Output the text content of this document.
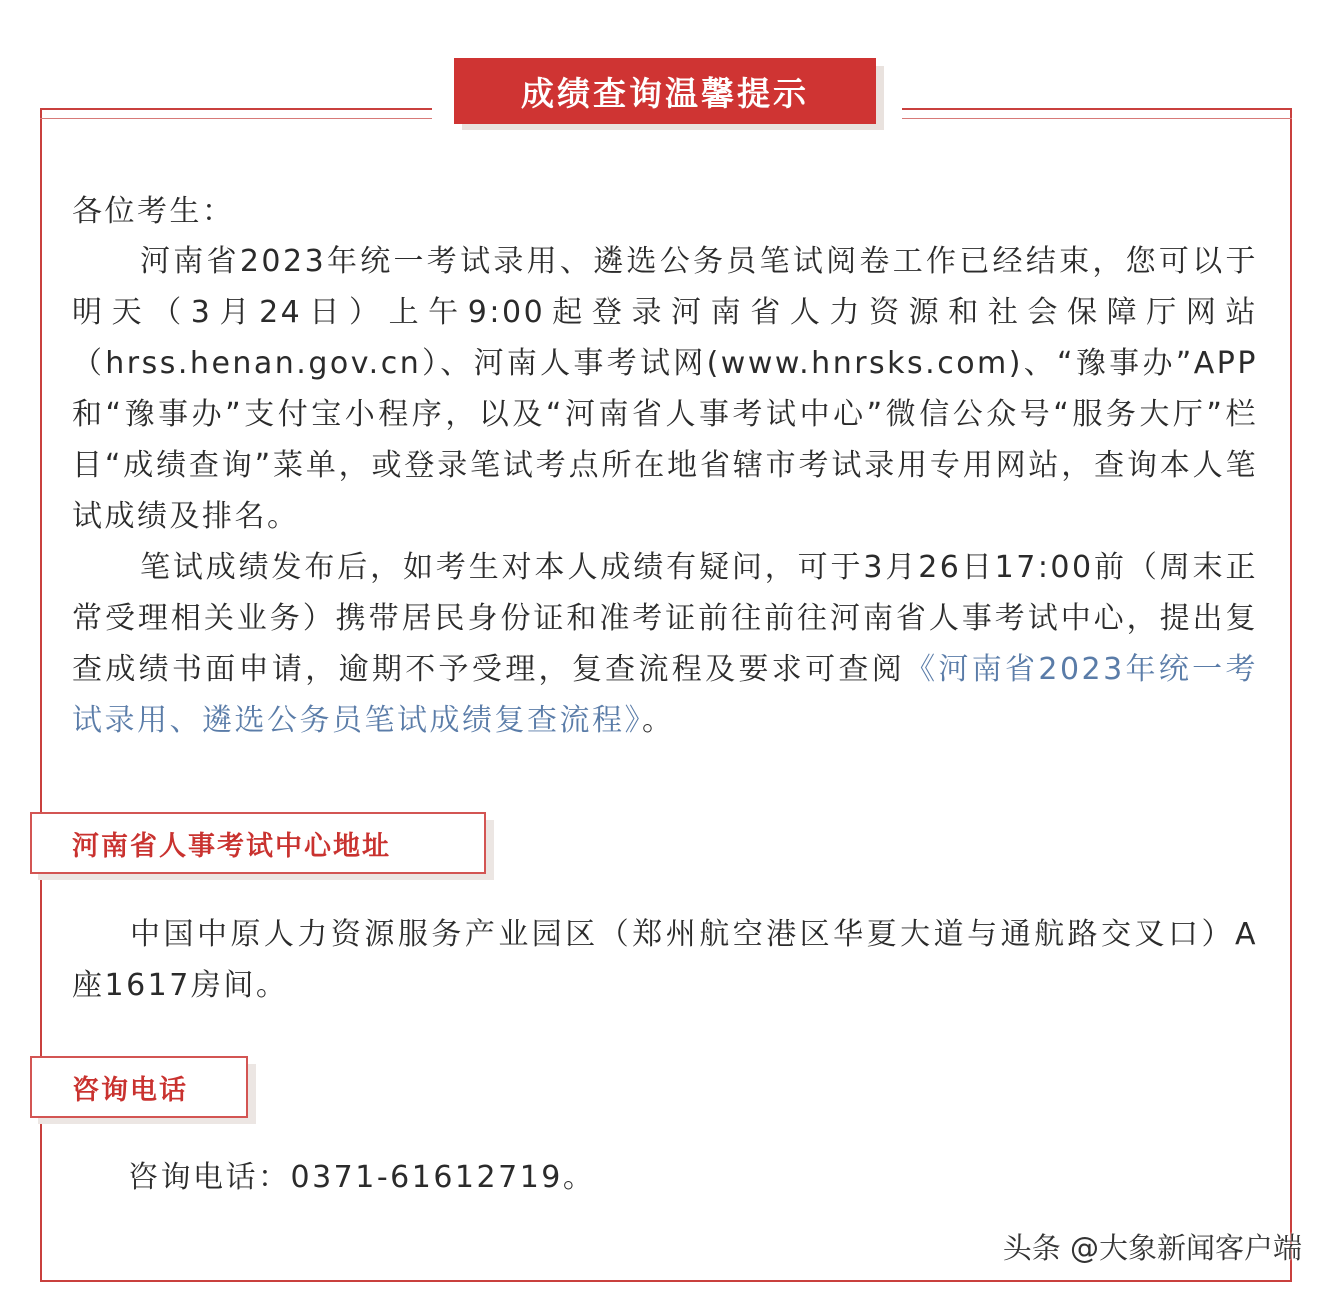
成绩查询温馨提示

各位考生：

河南省2023年统一考试录用、遴选公务员笔试阅卷工作已经结束，您可以于明天（3月24日）上午9:00起登录河南省人力资源和社会保障厅网站（hrss.henan.gov.cn）、河南人事考试网(www.hnrsks.com)、“豫事办”APP和“豫事办”支付宝小程序，以及“河南省人事考试中心”微信公众号“服务大厅”栏目“成绩查询”菜单，或登录笔试考点所在地省辖市考试录用专用网站，查询本人笔试成绩及排名。

笔试成绩发布后，如考生对本人成绩有疑问，可于3月26日17:00前（周末正常受理相关业务）携带居民身份证和准考证前往前往河南省人事考试中心，提出复查成绩书面申请，逾期不予受理，复查流程及要求可查阅《河南省2023年统一考试录用、遴选公务员笔试成绩复查流程》。

河南省人事考试中心地址

中国中原人力资源服务产业园区（郑州航空港区华夏大道与通航路交叉口）A座1617房间。

咨询电话

咨询电话：0371-61612719。

头条 @大象新闻客户端
